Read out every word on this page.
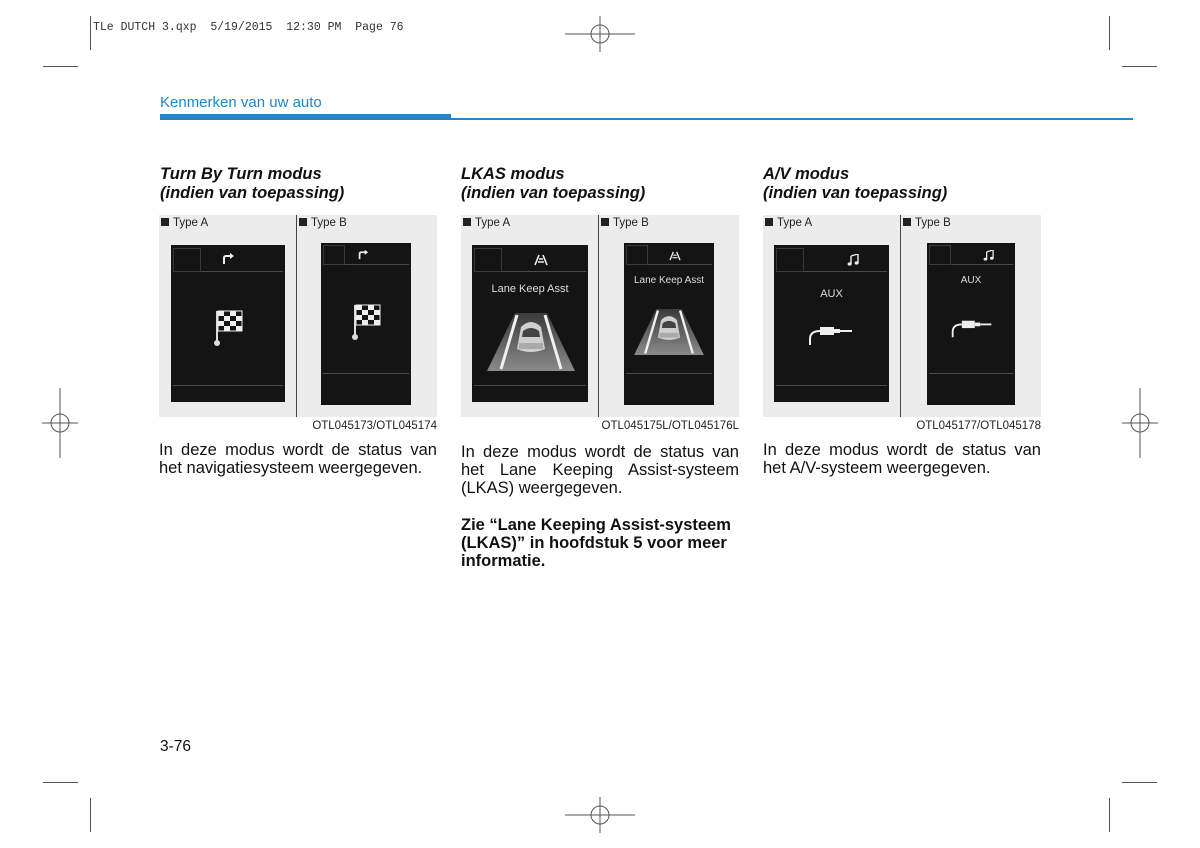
TLe DUTCH 3.qxp  5/19/2015  12:30 PM  Page 76
Kenmerken van uw auto
Turn By Turn modus
(indien van toepassing)
Type A	Type B
OTL045173/OTL045174
In deze modus wordt de status van het navigatiesysteem weergegeven.
LKAS modus
(indien van toepassing)
Type A	Type B
Lane Keep Asst
Lane Keep Asst
OTL045175L/OTL045176L
In deze modus wordt de status van het Lane Keeping Assist-systeem (LKAS) weergegeven.
Zie “Lane Keeping Assist-systeem (LKAS)” in hoofdstuk 5 voor meer informatie.
A/V modus
(indien van toepassing)
Type A	Type B
AUX
AUX
OTL045177/OTL045178
In deze modus wordt de status van het A/V-systeem weergegeven.
3-76
